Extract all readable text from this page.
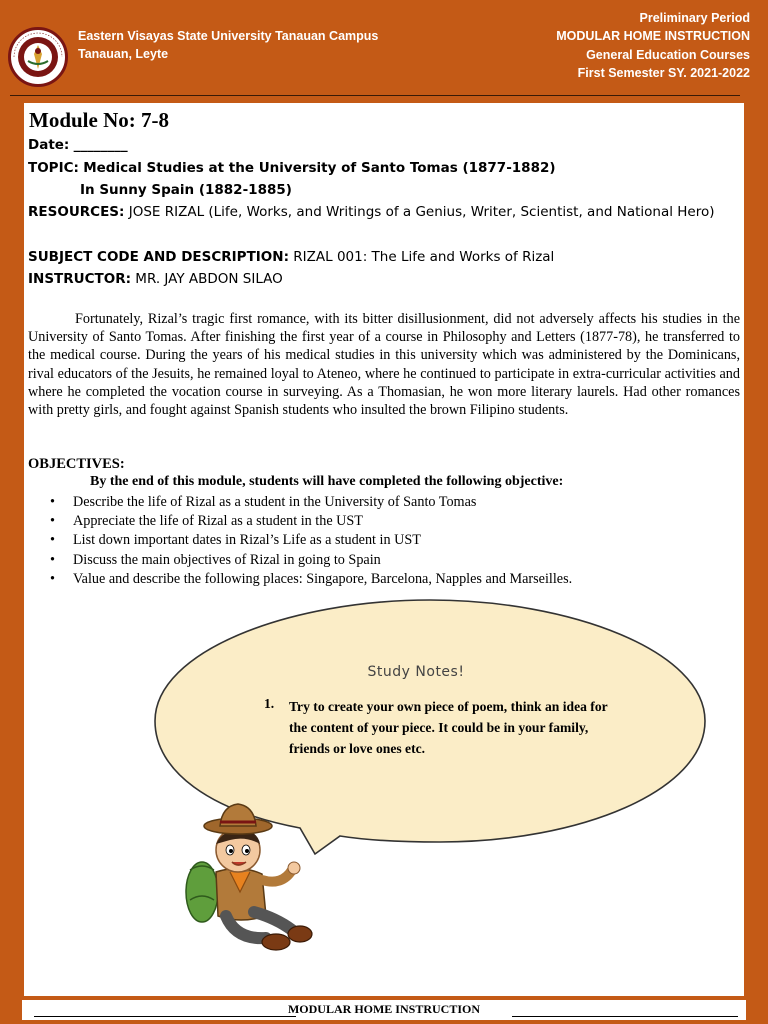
Eastern Visayas State University Tanauan Campus
Tanauan, Leyte
Preliminary Period
MODULAR HOME INSTRUCTION
General Education Courses
First Semester SY. 2021-2022
Module No: 7-8
Date: ________
TOPIC: Medical Studies at the University of Santo Tomas (1877-1882)
In Sunny Spain (1882-1885)
RESOURCES: JOSE RIZAL (Life, Works, and Writings of a Genius, Writer, Scientist, and National Hero)
SUBJECT CODE AND DESCRIPTION: RIZAL 001: The Life and Works of Rizal
INSTRUCTOR: MR. JAY ABDON SILAO

Fortunately, Rizal’s tragic first romance, with its bitter disillusionment, did not adversely affects his studies in the University of Santo Tomas. After finishing the first year of a course in Philosophy and Letters (1877-78), he transferred to the medical course. During the years of his medical studies in this university which was administered by the Dominicans, rival educators of the Jesuits, he remained loyal to Ateneo, where he continued to participate in extra-curricular activities and where he completed the vocation course in surveying. As a Thomasian, he won more literary laurels. Had other romances with pretty girls, and fought against Spanish students who insulted the brown Filipino students.

OBJECTIVES:
By the end of this module, students will have completed the following objective:
• Describe the life of Rizal as a student in the University of Santo Tomas
• Appreciate the life of Rizal as a student in the UST
• List down important dates in Rizal’s Life as a student in UST
• Discuss the main objectives of Rizal in going to Spain
• Value and describe the following places: Singapore, Barcelona, Napples and Marseilles.
Study Notes!
1. Try to create your own piece of poem, think an idea for the content of your piece. It could be in your family, friends or love ones etc.
MODULAR HOME INSTRUCTION
